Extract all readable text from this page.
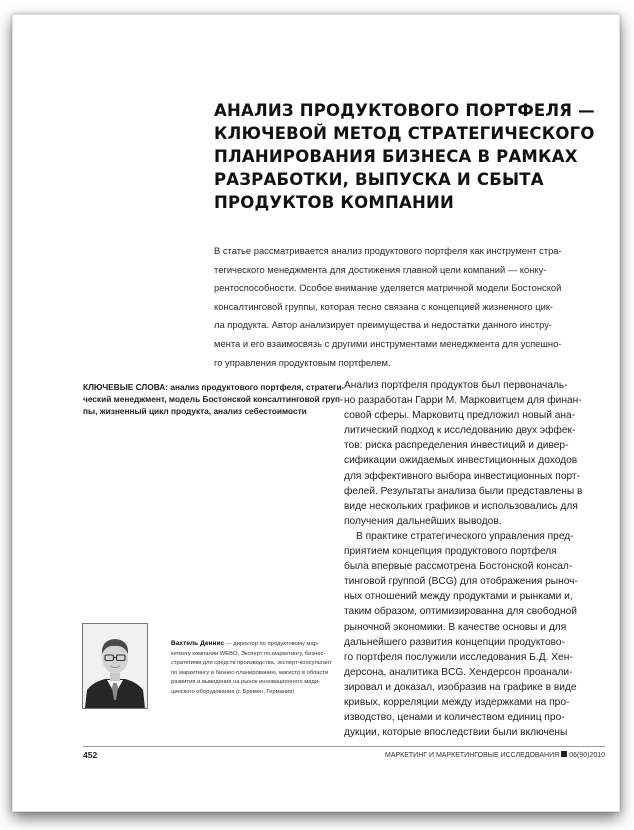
АНАЛИЗ ПРОДУКТОВОГО ПОРТФЕЛЯ —
КЛЮЧЕВОЙ МЕТОД СТРАТЕГИЧЕСКОГО
ПЛАНИРОВАНИЯ БИЗНЕСА В РАМКАХ
РАЗРАБОТКИ, ВЫПУСКА И СБЫТА
ПРОДУКТОВ КОМПАНИИ

В статье рассматривается анализ продуктового портфеля как инструмент стра-
тегического менеджмента для достижения главной цели компаний — конку-
рентоспособности. Особое внимание уделяется матричной модели Бостонской
консалтинговой группы, которая тесно связана с концепцией жизненного цик-
ла продукта. Автор анализирует преимущества и недостатки данного инстру-
мента и его взаимосвязь с другими инструментами менеджмента для успешно-
го управления продуктовым портфелем.

КЛЮЧЕВЫЕ СЛОВА: анализ продуктового портфеля, стратеги-
ческий менеджмент, модель Бостонской консалтинговой груп-
пы, жизненный цикл продукта, анализ себестоимости

Анализ портфеля продуктов был первоначаль-
но разработан Гарри М. Марковитцем для финан-
совой сферы. Марковитц предложил новый ана-
литический подход к исследованию двух эффек-
тов: риска распределения инвестиций и дивер-
сификации ожидаемых инвестиционных доходов
для эффективного выбора инвестиционных порт-
фелей. Результаты анализа были представлены в
виде нескольких графиков и использовались для
получения дальнейших выводов.
В практике стратегического управления пред-
приятием концепция продуктового портфеля
была впервые рассмотрена Бостонской консал-
тинговой группой (BCG) для отображения рыноч-
ных отношений между продуктами и рынками и,
таким образом, оптимизированна для свободной
рыночной экономики. В качестве основы и для
дальнейшего развития концепции продуктово-
го портфеля послужили исследования Б.Д. Хен-
дерсона, аналитика BCG. Хендерсон проанали-
зировал и доказал, изобразив на графике в виде
кривых, корреляции между издержками на про-
изводство, ценами и количеством единиц про-
дукции, которые впоследствии были включены

Вахтель Деннис — директор по продуктовому мар-
кетингу компании WEBO. Эксперт по маркетингу, бизнес-
стратегиям для средств производства, эксперт-консультант
по маркетингу и бизнес-планированию, магистр в области
развития и выведения на рынок инновационного меди-
цинского оборудования (г. Бремен, Германия)

452	МАРКЕТИНГ И МАРКЕТИНГОВЫЕ ИССЛЕДОВАНИЯ 06(90)2010
